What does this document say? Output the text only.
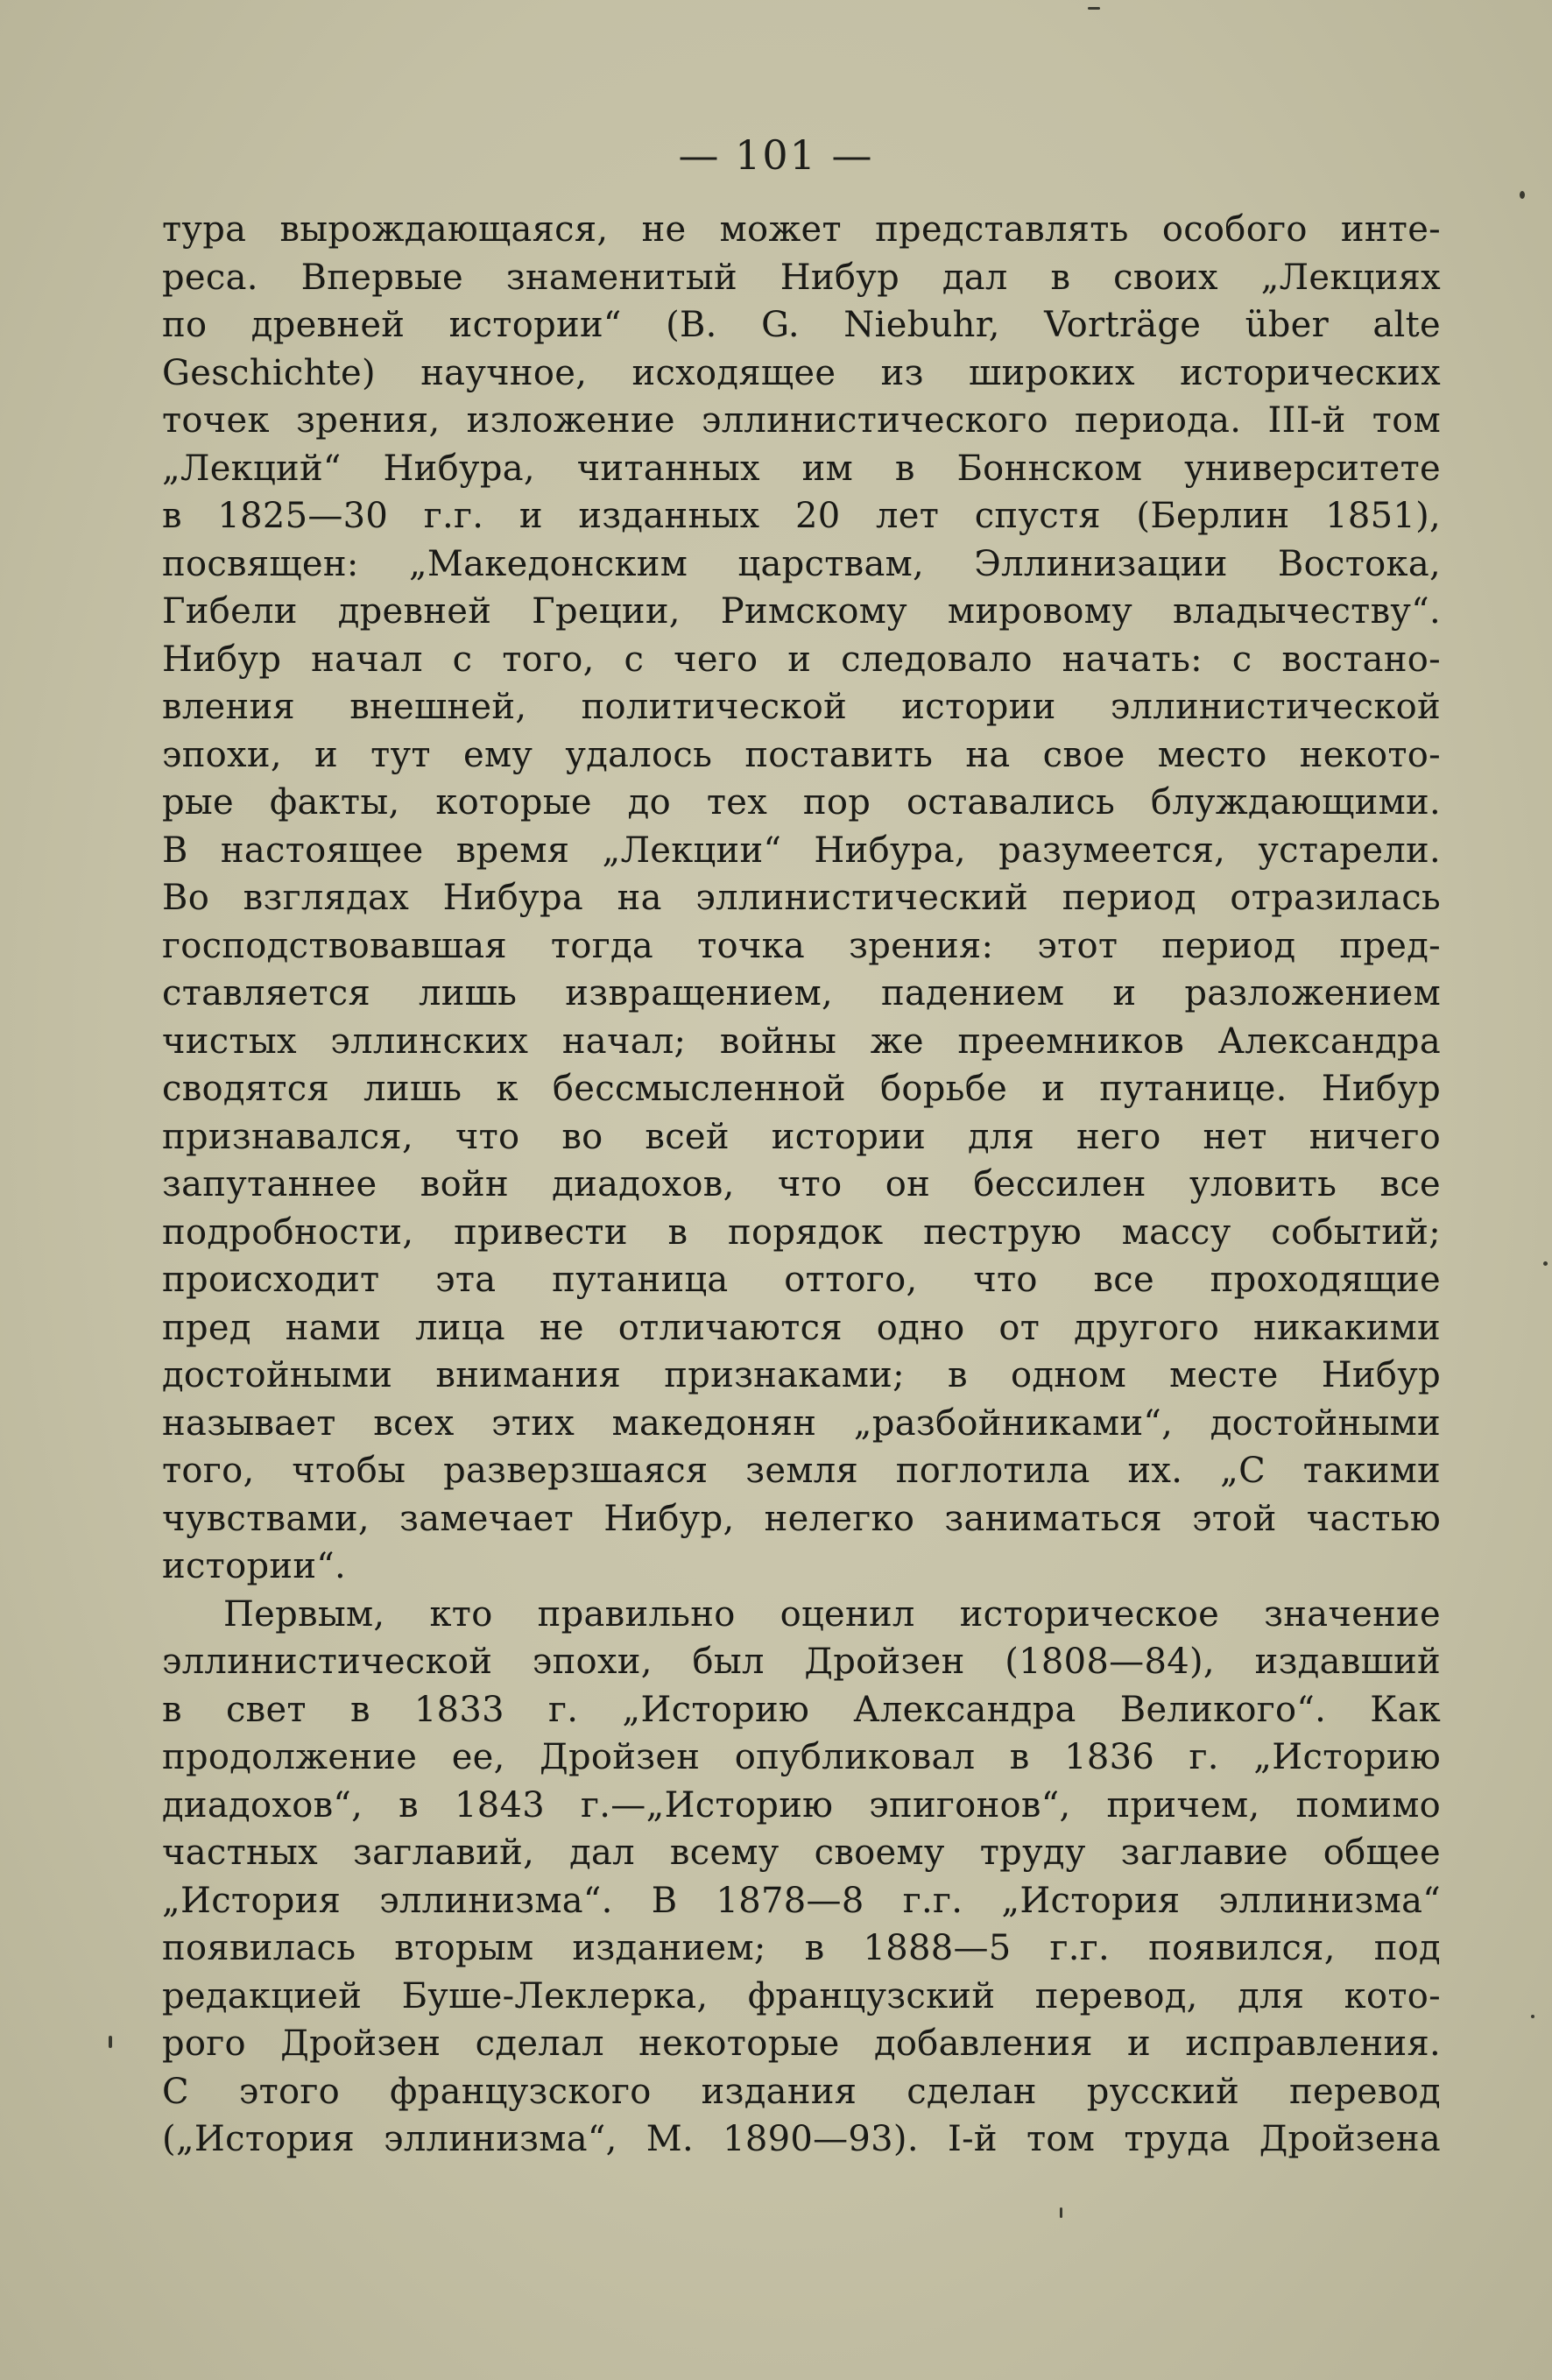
— 101 —
тура вырождающаяся, не может представлять особого инте-
реса. Впервые знаменитый Нибур дал в своих „Лекциях
по древней истории“ (B. G. Niebuhr, Vorträge über alte
Geschichte) научное, исходящее из широких исторических
точек зрения, изложение эллинистического периода. III-й том
„Лекций“ Нибура, читанных им в Боннском университете
в 1825—30 г.г. и изданных 20 лет спустя (Берлин 1851),
посвящен: „Македонским царствам, Эллинизации Востока,
Гибели древней Греции, Римскому мировому владычеству“.
Нибур начал с того, с чего и следовало начать: с востано-
вления внешней, политической истории эллинистической
эпохи, и тут ему удалось поставить на свое место некото-
рые факты, которые до тех пор оставались блуждающими.
В настоящее время „Лекции“ Нибура, разумеется, устарели.
Во взглядах Нибура на эллинистический период отразилась
господствовавшая тогда точка зрения: этот период пред-
ставляется лишь извращением, падением и разложением
чистых эллинских начал; войны же преемников Александра
сводятся лишь к бессмысленной борьбе и путанице. Нибур
признавался, что во всей истории для него нет ничего
запутаннее войн диадохов, что он бессилен уловить все
подробности, привести в порядок пеструю массу событий;
происходит эта путаница оттого, что все проходящие
пред нами лица не отличаются одно от другого никакими
достойными внимания признаками; в одном месте Нибур
называет всех этих македонян „разбойниками“, достойными
того, чтобы разверзшаяся земля поглотила их. „С такими
чувствами, замечает Нибур, нелегко заниматься этой частью
истории“.
Первым, кто правильно оценил историческое значение
эллинистической эпохи, был Дройзен (1808—84), издавший
в свет в 1833 г. „Историю Александра Великого“. Как
продолжение ее, Дройзен опубликовал в 1836 г. „Историю
диадохов“, в 1843 г.—„Историю эпигонов“, причем, помимо
частных заглавий, дал всему своему труду заглавие общее
„История эллинизма“. В 1878—8 г.г. „История эллинизма“
появилась вторым изданием; в 1888—5 г.г. появился, под
редакцией Буше-Леклерка, французский перевод, для кото-
рого Дройзен сделал некоторые добавления и исправления.
С этого французского издания сделан русский перевод
(„История эллинизма“, М. 1890—93). I-й том труда Дройзена
